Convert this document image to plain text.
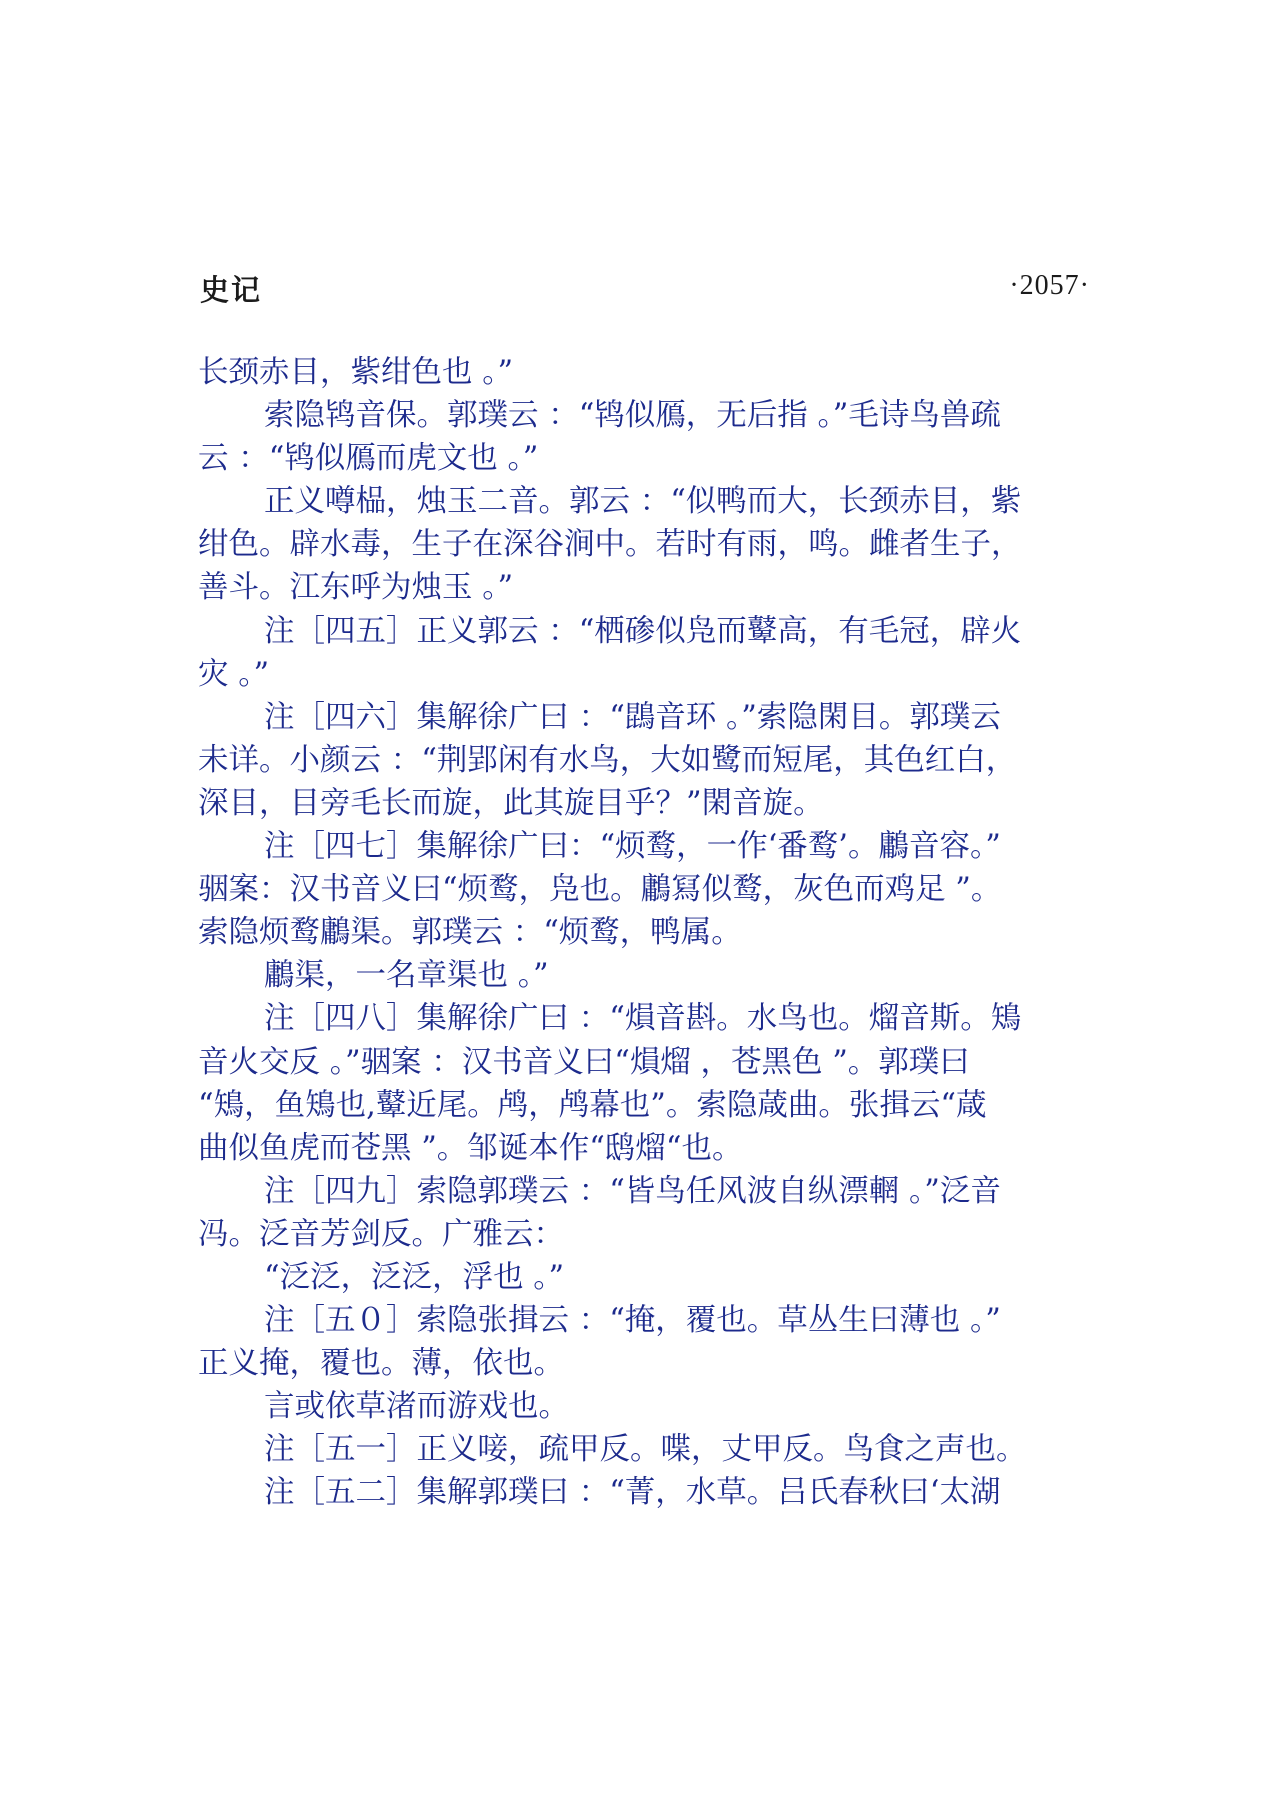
史记	·2057·

长颈赤目，紫绀色也 。”

索隐鸨音保。郭璞云 ：“鸨似鴈，无后指 。”毛诗鸟兽疏

云 ：“鸨似鴈而虎文也 。”

正义噂榀，烛玉二音。郭云 ：“似鸭而大，长颈赤目，紫

绀色。辟水毒，生子在深谷涧中。若时有雨，鸣。雌者生子，

善斗。江东呼为烛玉 。”

注［四五］正义郭云 ：“栖碜似凫而鼙高，有毛冠，辟火

灾 。”

注［四六］集解徐广曰 ：“鵾音环 。”索隐閑目。郭璞云

未详。小颜云 ：“荆郢闲有水鸟，大如鹭而短尾，其色红白，

深目，目旁毛长而旋，此其旋目乎？”閑音旋。

注［四七］集解徐广曰：“烦鹜，一作‘番鹜’。鷛音容。”

骃案：汉书音义曰“烦鹜，凫也。鷛冩似鹜，灰色而鸡足 ”。

索隐烦鹜鷛渠。郭璞云 ：“烦鹜，鸭属。

鷛渠，一名章渠也 。”

注［四八］集解徐广曰 ：“熉音斟。水鸟也。熘音斯。鴙

音火交反 。”骃案 ：汉书音义曰“熉熘 ，苍黑色 ”。郭璞曰

“鴙，鱼鴙也,鼙近尾。鸬，鸬幕也”。索隐葴曲。张揖云“葴

曲似鱼虎而苍黑 ”。邹诞本作“鸱熘“也。

注［四九］索隐郭璞云 ：“皆鸟任风波自纵漂輞 。”泛音

冯。泛音芳剑反。广雅云：

“泛泛，泛泛，浮也 。”

注［五０］索隐张揖云 ：“掩，覆也。草丛生曰薄也 。”

正义掩，覆也。薄，依也。

言或依草渚而游戏也。

注［五一］正义唼，疏甲反。喋，丈甲反。鸟食之声也。

注［五二］集解郭璞曰 ：“菁，水草。吕氏春秋曰‘太湖
